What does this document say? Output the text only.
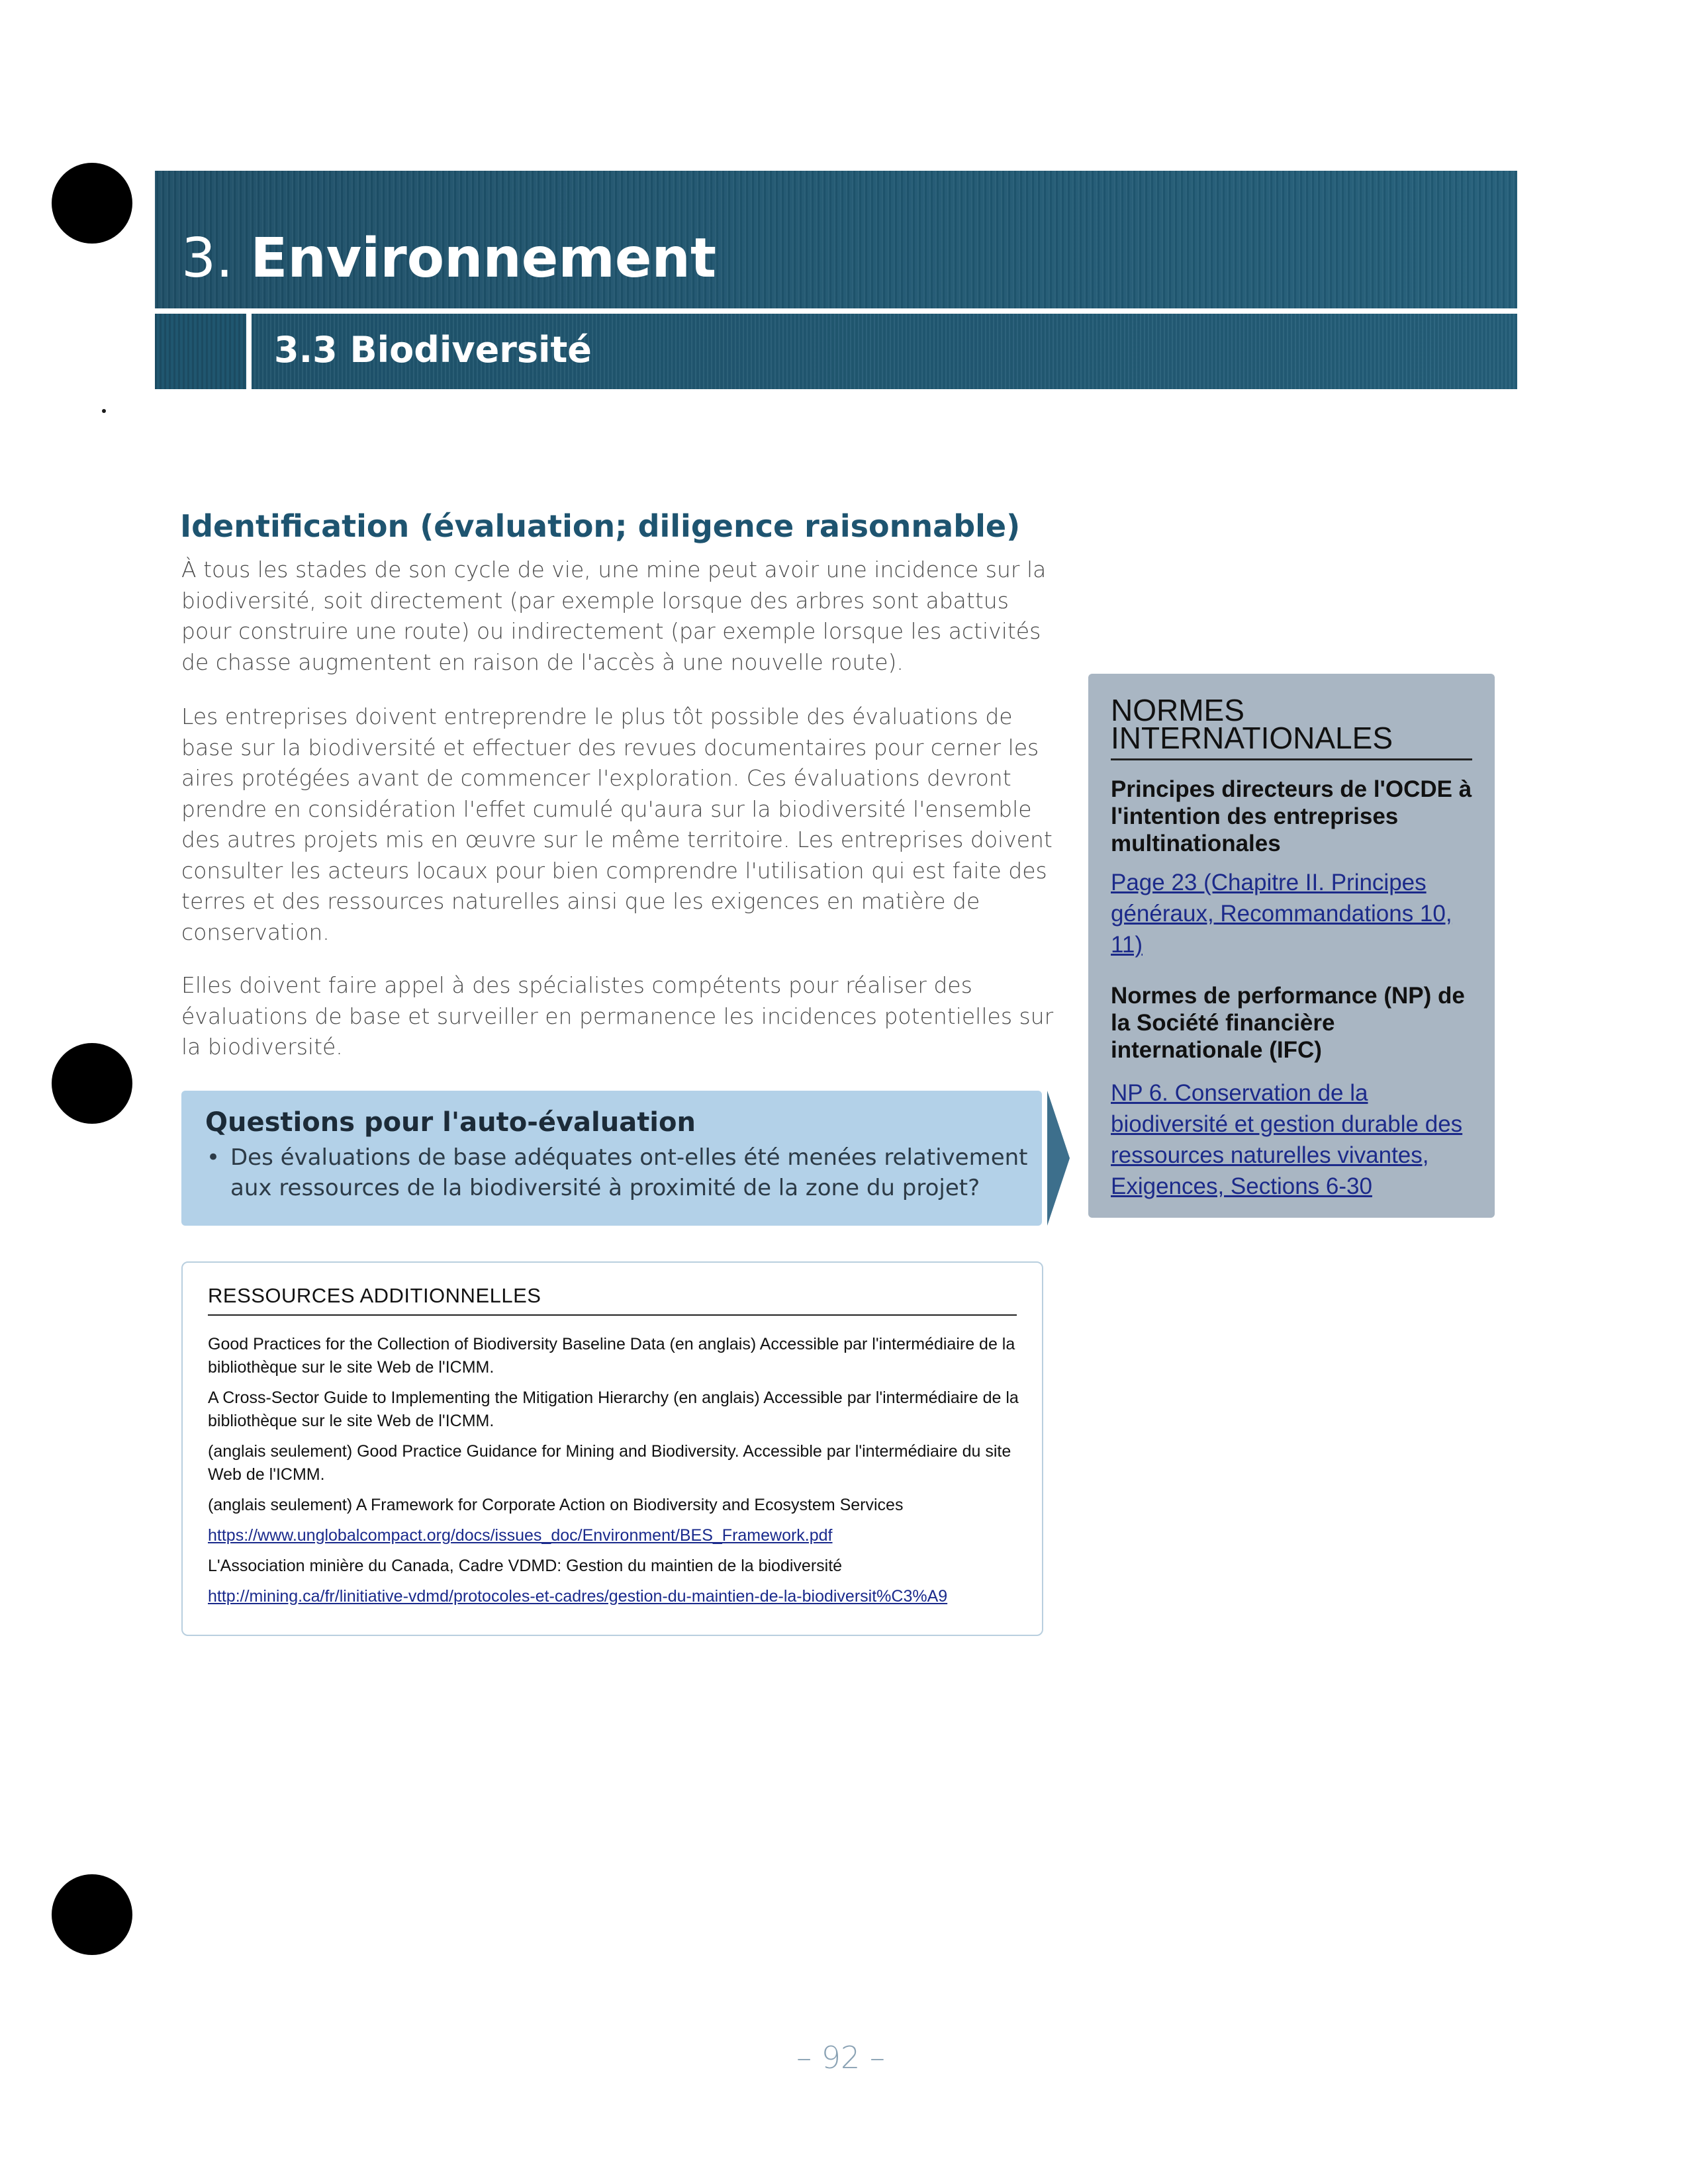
3. Environnement
3.3 Biodiversité
Identification (évaluation; diligence raisonnable)

À tous les stades de son cycle de vie, une mine peut avoir une incidence sur la biodiversité, soit directement (par exemple lorsque des arbres sont abattus pour construire une route) ou indirectement (par exemple lorsque les activités de chasse augmentent en raison de l'accès à une nouvelle route).

Les entreprises doivent entreprendre le plus tôt possible des évaluations de base sur la biodiversité et effectuer des revues documentaires pour cerner les aires protégées avant de commencer l'exploration. Ces évaluations devront prendre en considération l'effet cumulé qu'aura sur la biodiversité l'ensemble des autres projets mis en œuvre sur le même territoire. Les entreprises doivent consulter les acteurs locaux pour bien comprendre l'utilisation qui est faite des terres et des ressources naturelles ainsi que les exigences en matière de conservation.

Elles doivent faire appel à des spécialistes compétents pour réaliser des évaluations de base et surveiller en permanence les incidences potentielles sur la biodiversité.

Questions pour l'auto-évaluation
• Des évaluations de base adéquates ont-elles été menées relativement aux ressources de la biodiversité à proximité de la zone du projet?
RESSOURCES ADDITIONNELLES

Good Practices for the Collection of Biodiversity Baseline Data (en anglais) Accessible par l'intermédiaire de la bibliothèque sur le site Web de l'ICMM.

A Cross-Sector Guide to Implementing the Mitigation Hierarchy (en anglais) Accessible par l'intermédiaire de la bibliothèque sur le site Web de l'ICMM.

(anglais seulement) Good Practice Guidance for Mining and Biodiversity. Accessible par l'intermédiaire du site Web de l'ICMM.

(anglais seulement) A Framework for Corporate Action on Biodiversity and Ecosystem Services

https://www.unglobalcompact.org/docs/issues_doc/Environment/BES_Framework.pdf

L'Association minière du Canada, Cadre VDMD: Gestion du maintien de la biodiversité

http://mining.ca/fr/linitiative-vdmd/protocoles-et-cadres/gestion-du-maintien-de-la-biodiversit%C3%A9
NORMES INTERNATIONALES
Principes directeurs de l'OCDE à l'intention des entreprises multinationales
Page 23 (Chapitre II. Principes généraux, Recommandations 10, 11)
Normes de performance (NP) de la Société financière internationale (IFC)
NP 6. Conservation de la biodiversité et gestion durable des ressources naturelles vivantes, Exigences, Sections 6-30
– 92 –
